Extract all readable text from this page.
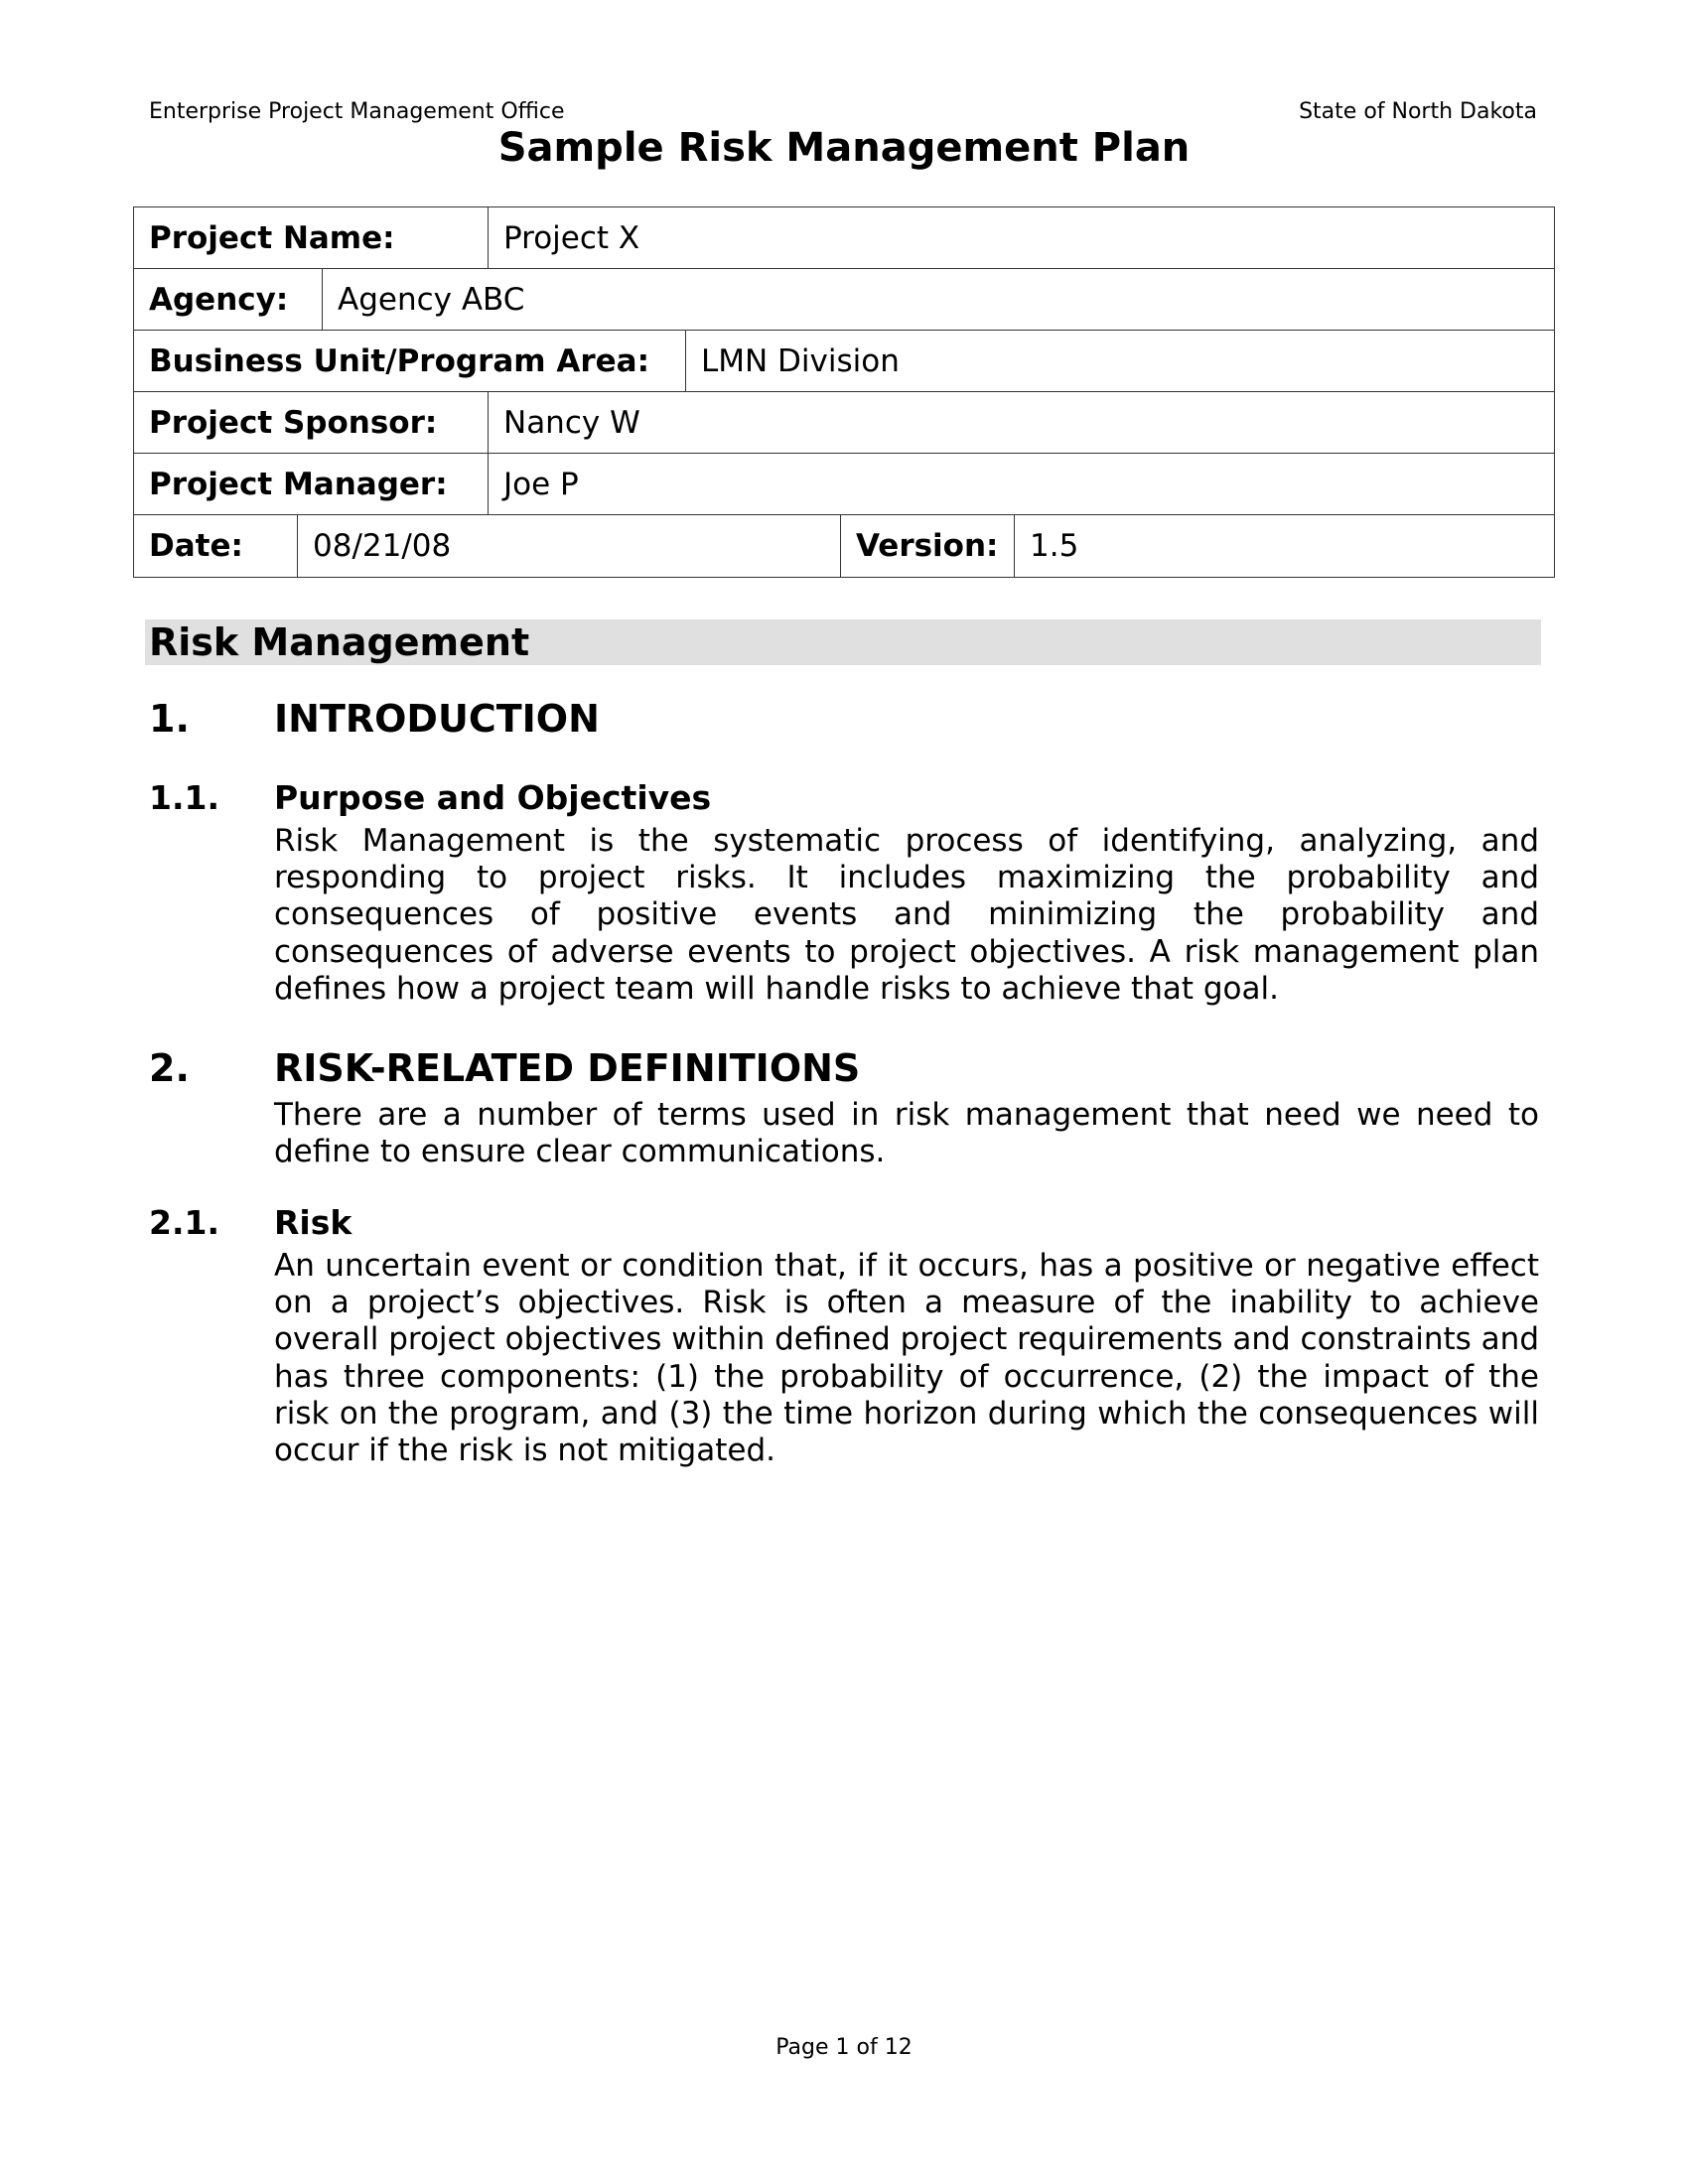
Enterprise Project Management Office	State of North Dakota
Sample Risk Management Plan
Project Name:	Project X
Agency:	Agency ABC
Business Unit/Program Area:	LMN Division
Project Sponsor:	Nancy W
Project Manager:	Joe P
Date:	08/21/08	Version:	1.5
Risk Management
1. INTRODUCTION
1.1. Purpose and Objectives
Risk Management is the systematic process of identifying, analyzing, and responding to project risks. It includes maximizing the probability and consequences of positive events and minimizing the probability and consequences of adverse events to project objectives. A risk management plan defines how a project team will handle risks to achieve that goal.
2. RISK-RELATED DEFINITIONS
There are a number of terms used in risk management that need we need to define to ensure clear communications.
2.1. Risk
An uncertain event or condition that, if it occurs, has a positive or negative effect on a project’s objectives. Risk is often a measure of the inability to achieve overall project objectives within defined project requirements and constraints and has three components: (1) the probability of occurrence, (2) the impact of the risk on the program, and (3) the time horizon during which the consequences will occur if the risk is not mitigated.
Page 1 of 12
